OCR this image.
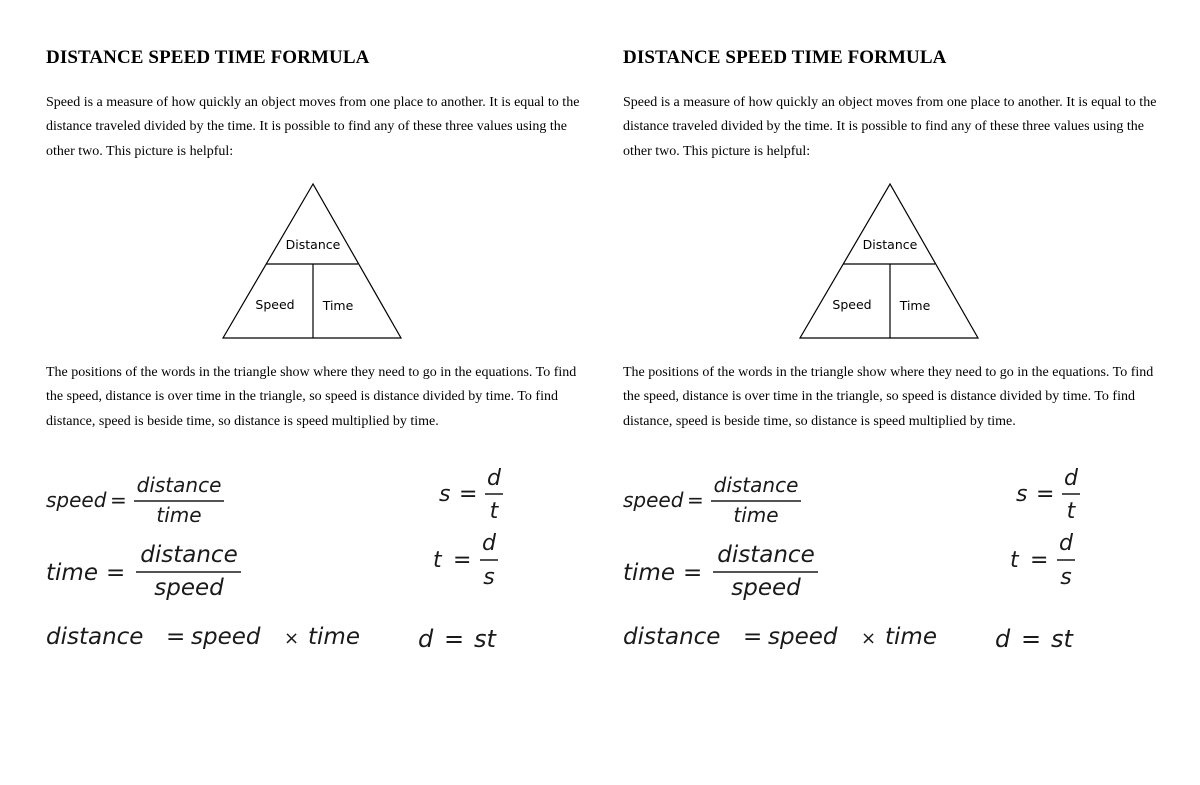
DISTANCE SPEED TIME FORMULA

Speed is a measure of how quickly an object moves from one place to another. It is equal to the distance traveled divided by the time. It is possible to find any of these three values using the other two. This picture is helpful:

Distance
Speed Time

The positions of the words in the triangle show where they need to go in the equations. To find the speed, distance is over time in the triangle, so speed is distance divided by time. To find distance, speed is beside time, so distance is speed multiplied by time.

speed =
distance
time
s =
d
t
time =
distance
speed
t =
d
s
distance = speed × time d = st
DISTANCE SPEED TIME FORMULA

Speed is a measure of how quickly an object moves from one place to another. It is equal to the distance traveled divided by the time. It is possible to find any of these three values using the other two. This picture is helpful:

Distance
Speed Time

The positions of the words in the triangle show where they need to go in the equations. To find the speed, distance is over time in the triangle, so speed is distance divided by time. To find distance, speed is beside time, so distance is speed multiplied by time.

speed =
distance
time
s =
d
t
time =
distance
speed
t =
d
s
distance = speed × time d = st
